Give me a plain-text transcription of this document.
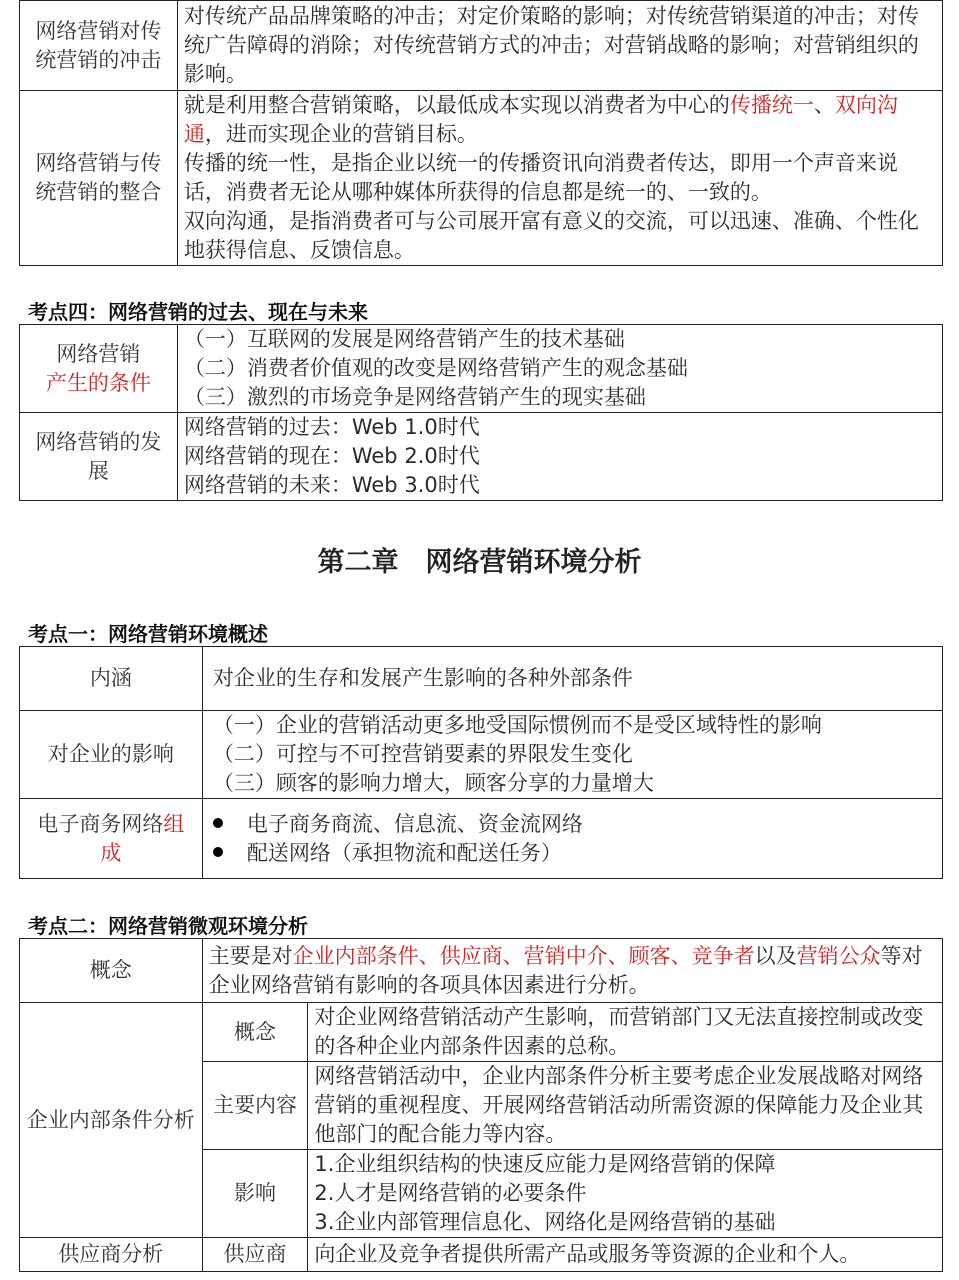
网络营销对传统营销的冲击	对传统产品品牌策略的冲击；对定价策略的影响；对传统营销渠道的冲击；对传统广告障碍的消除；对传统营销方式的冲击；对营销战略的影响；对营销组织的影响。

网络营销与传统营销的整合	就是利用整合营销策略，以最低成本实现以消费者为中心的传播统一、双向沟通，进而实现企业的营销目标。
传播的统一性，是指企业以统一的传播资讯向消费者传达，即用一个声音来说话，消费者无论从哪种媒体所获得的信息都是统一的、一致的。
双向沟通，是指消费者可与公司展开富有意义的交流，可以迅速、准确、个性化地获得信息、反馈信息。
考点四：网络营销的过去、现在与未来
网络营销
产生的条件	（一）互联网的发展是网络营销产生的技术基础
（二）消费者价值观的改变是网络营销产生的观念基础
（三）激烈的市场竞争是网络营销产生的现实基础

网络营销的发展	网络营销的过去：Web 1.0时代
网络营销的现在：Web 2.0时代
网络营销的未来：Web 3.0时代
第二章　网络营销环境分析
考点一：网络营销环境概述
内涵	对企业的生存和发展产生影响的各种外部条件
对企业的影响	（一）企业的营销活动更多地受国际惯例而不是受区域特性的影响
（二）可控与不可控营销要素的界限发生变化
（三）顾客的影响力增大，顾客分享的力量增大

电子商务网络组
成	电子商务商流、信息流、资金流网络
配送网络（承担物流和配送任务）
考点二：网络营销微观环境分析
概念	主要是对企业内部条件、供应商、营销中介、顾客、竞争者以及营销公众等对企业网络营销有影响的各项具体因素进行分析。	

企业内部条件分析	概念	对企业网络营销活动产生影响，而营销部门又无法直接控制或改变的各种企业内部条件因素的总称。

	主要内容	网络营销活动中，企业内部条件分析主要考虑企业发展战略对网络营销的重视程度、开展网络营销活动所需资源的保障能力及企业其他部门的配合能力等内容。
	影响	1.企业组织结构的快速反应能力是网络营销的保障
2.人才是网络营销的必要条件
3.企业内部管理信息化、网络化是网络营销的基础

供应商分析	供应商	向企业及竞争者提供所需产品或服务等资源的企业和个人。
